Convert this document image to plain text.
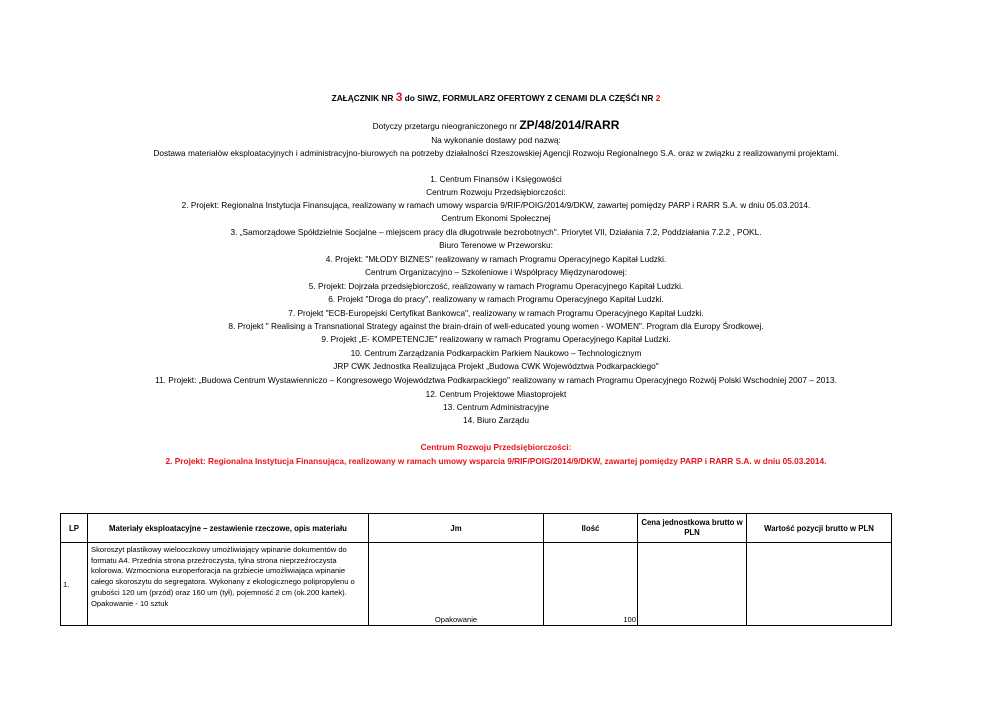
ZAŁĄCZNIK NR 3 do SIWZ, FORMULARZ OFERTOWY Z CENAMI DLA CZĘŚĆI NR 2
Dotyczy przetargu nieograniczonego nr ZP/48/2014/RARR
Na wykonanie dostawy pod nazwą:
Dostawa materiałów eksploatacyjnych i administracyjno-biurowych na potrzeby działalności Rzeszowskiej Agencji Rozwoju Regionalnego S.A. oraz w związku z realizowanymi projektami.
1. Centrum Finansów i Księgowości
Centrum Rozwoju Przedsiębiorczości:
2. Projekt: Regionalna Instytucja Finansująca, realizowany w ramach umowy wsparcia 9/RIF/POIG/2014/9/DKW, zawartej pomiędzy PARP i RARR S.A. w dniu 05.03.2014.
Centrum Ekonomi Społecznej
3. „Samorządowe Spółdzielnie Socjalne – miejscem pracy dla długotrwale bezrobotnych". Priorytet VII, Działania 7.2, Poddziałania 7.2.2 , POKL.
Biuro Terenowe w Przeworsku:
4. Projekt: "MŁODY BIZNES" realizowany w ramach Programu Operacyjnego Kapitał Ludzki.
Centrum Organizacyjno – Szkoleniowe i Współpracy Międzynarodowej:
5. Projekt: Dojrzała przedsiębiorczość, realizowany w ramach Programu Operacyjnego Kapitał Ludzki.
6. Projekt "Droga do pracy", realizowany w ramach Programu Operacyjnego Kapitał Ludzki.
7. Projekt "ECB-Europejski Certyfikat Bankowca", realizowany w ramach Programu Operacyjnego Kapitał Ludzki.
8. Projekt " Realising a Transnational Strategy against the brain-drain of well-educated young women - WOMEN". Program dla Europy Środkowej.
9. Projekt „E- KOMPETENCJE" realizowany w ramach Programu Operacyjnego Kapitał Ludzki.
10. Centrum Zarządzania Podkarpackim Parkiem Naukowo – Technologicznym
JRP CWK Jednostka Realizująca Projekt „Budowa CWK Województwa Podkarpackiego"
11. Projekt: „Budowa Centrum Wystawienniczo – Kongresowego Województwa Podkarpackiego" realizowany w ramach Programu Operacyjnego Rozwój Polski Wschodniej 2007 – 2013.
12. Centrum Projektowe Miastoprojekt
13. Centrum Administracyjne
14. Biuro Zarządu
Centrum Rozwoju Przedsiębiorczości:
2. Projekt: Regionalna Instytucja Finansująca, realizowany w ramach umowy wsparcia 9/RIF/POIG/2014/9/DKW, zawartej pomiędzy PARP i RARR S.A. w dniu 05.03.2014.
LP	Materiały eksploatacyjne – zestawienie rzeczowe, opis materiału	Jm	Ilość	Cena jednostkowa brutto w PLN	Wartość pozycji brutto w PLN
1.	Skoroszyt plastikowy wielooczkowy umożliwiający wpinanie dokumentów do formatu A4. Przednia strona przeźroczysta, tylna strona nieprzeźroczysta kolorowa. Wzmocniona europerforacja na grzbiecie umożliwiająca wpinanie całego skoroszytu do segregatora. Wykonany z ekologicznego polipropylenu o grubości 120 um (przód) oraz 160 um (tył), pojemność 2 cm (ok.200 kartek). Opakowanie - 10 sztuk	Opakowanie	100		
